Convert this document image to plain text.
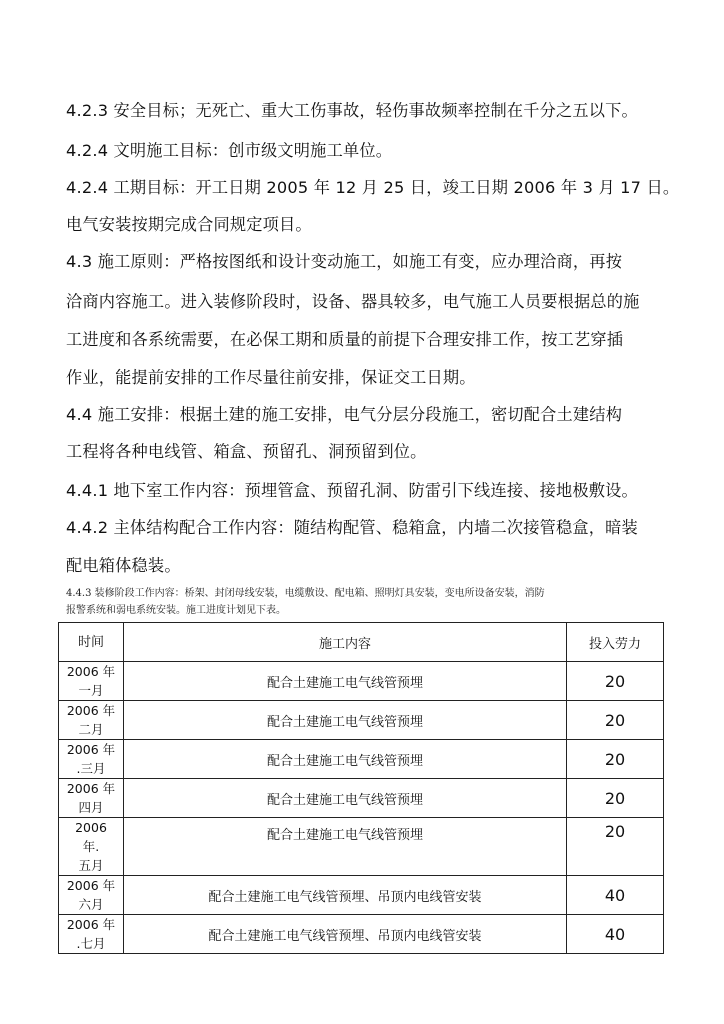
4.2.3 安全目标；无死亡、重大工伤事故，轻伤事故频率控制在千分之五以下。
4.2.4 文明施工目标：创市级文明施工单位。
4.2.4 工期目标：开工日期 2005 年 12 月 25 日，竣工日期 2006 年 3 月 17 日。
电气安装按期完成合同规定项目。
4.3 施工原则：严格按图纸和设计变动施工，如施工有变，应办理洽商，再按
洽商内容施工。进入装修阶段时，设备、器具较多，电气施工人员要根据总的施
工进度和各系统需要，在必保工期和质量的前提下合理安排工作，按工艺穿插
作业，能提前安排的工作尽量往前安排，保证交工日期。
4.4 施工安排：根据土建的施工安排，电气分层分段施工，密切配合土建结构
工程将各种电线管、箱盒、预留孔、洞预留到位。
4.4.1 地下室工作内容：预埋管盒、预留孔洞、防雷引下线连接、接地极敷设。
4.4.2 主体结构配合工作内容：随结构配管、稳箱盒，内墙二次接管稳盒，暗装
配电箱体稳装。
4.4.3 装修阶段工作内容：桥架、封闭母线安装，电缆敷设、配电箱、照明灯具安装，变电所设备安装，消防
报警系统和弱电系统安装。施工进度计划见下表。
时间	施工内容	投入劳力

2006 年
一月	配合土建施工电气线管预埋	20

2006 年
二月	配合土建施工电气线管预埋	20

2006 年
.三月	配合土建施工电气线管预埋	20

2006 年
四月	配合土建施工电气线管预埋	20

2006
年.
五月	配合土建施工电气线管预埋	20

2006 年
六月	配合土建施工电气线管预埋、吊顶内电线管安装	40

2006 年
.七月	配合土建施工电气线管预埋、吊顶内电线管安装	40
